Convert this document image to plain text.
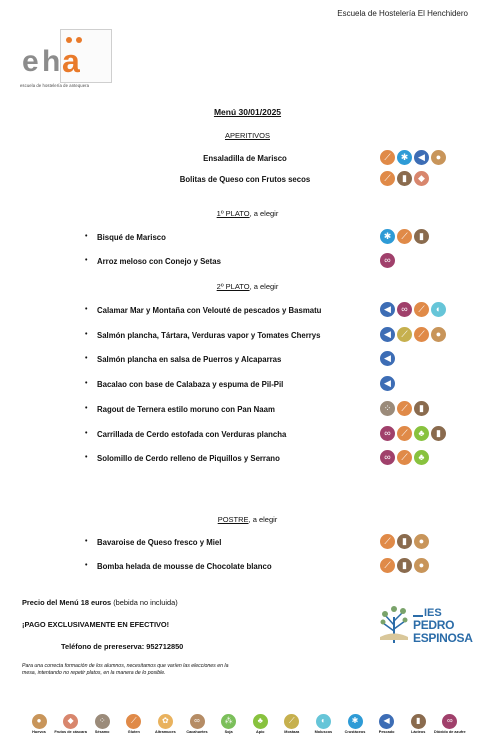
Escuela de Hostelería El Henchidero
e h a
escuela de hostelería de antequera
Menú 30/01/2025
APERITIVOS
Ensaladilla de Marisco	⟋	✱	◀	●
Bolitas de Queso con Frutos secos	⟋	▮	◆
1º PLATO, a elegir
• Bisqué de Marisco	✱	⟋	▮
• Arroz meloso con Conejo y Setas	∞
2º PLATO, a elegir
• Calamar Mar y Montaña con Velouté de pescados y Basmatu	◀	∞	⟋	◐
• Salmón plancha, Tártara, Verduras vapor y Tomates Cherrys	◀	⟋	⟋	●
• Salmón plancha en salsa de Puerros y Alcaparras	◀
• Bacalao con base de Calabaza y espuma de Pil-Pil	◀
• Ragout de Ternera estilo moruno con Pan Naam	⁘	⟋	▮
• Carrillada de Cerdo estofada con Verduras plancha	∞	⟋	♣	▮
• Solomillo de Cerdo relleno de Piquillos y Serrano	∞	⟋	♣
POSTRE, a elegir
• Bavaroise de Queso fresco y Miel	⟋	▮	●
• Bomba helada de mousse de Chocolate blanco	⟋	▮	●
Precio del Menú 18 euros (bebida no incluida)
¡PAGO EXCLUSIVAMENTE EN EFECTIVO!
Teléfono de prereserva: 952712850
Para una correcta formación de los alumnos, necesitamos que varíen las elecciones en la mesa, intentando no repetir platos, en la manera de lo posible.
IES
PEDRO
ESPINOSA
●
Huevos
◆
Frutos de cáscara
⁘
Sésamo
⟋
Gluten
✿
Altramuces
∞
Cacahuetes
⁂
Soja
♣
Apio
⟋
Mostaza
◐
Moluscos
✱
Crustáceos
◀
Pescado
▮
Lácteos
∞
Dióxido de azufre
